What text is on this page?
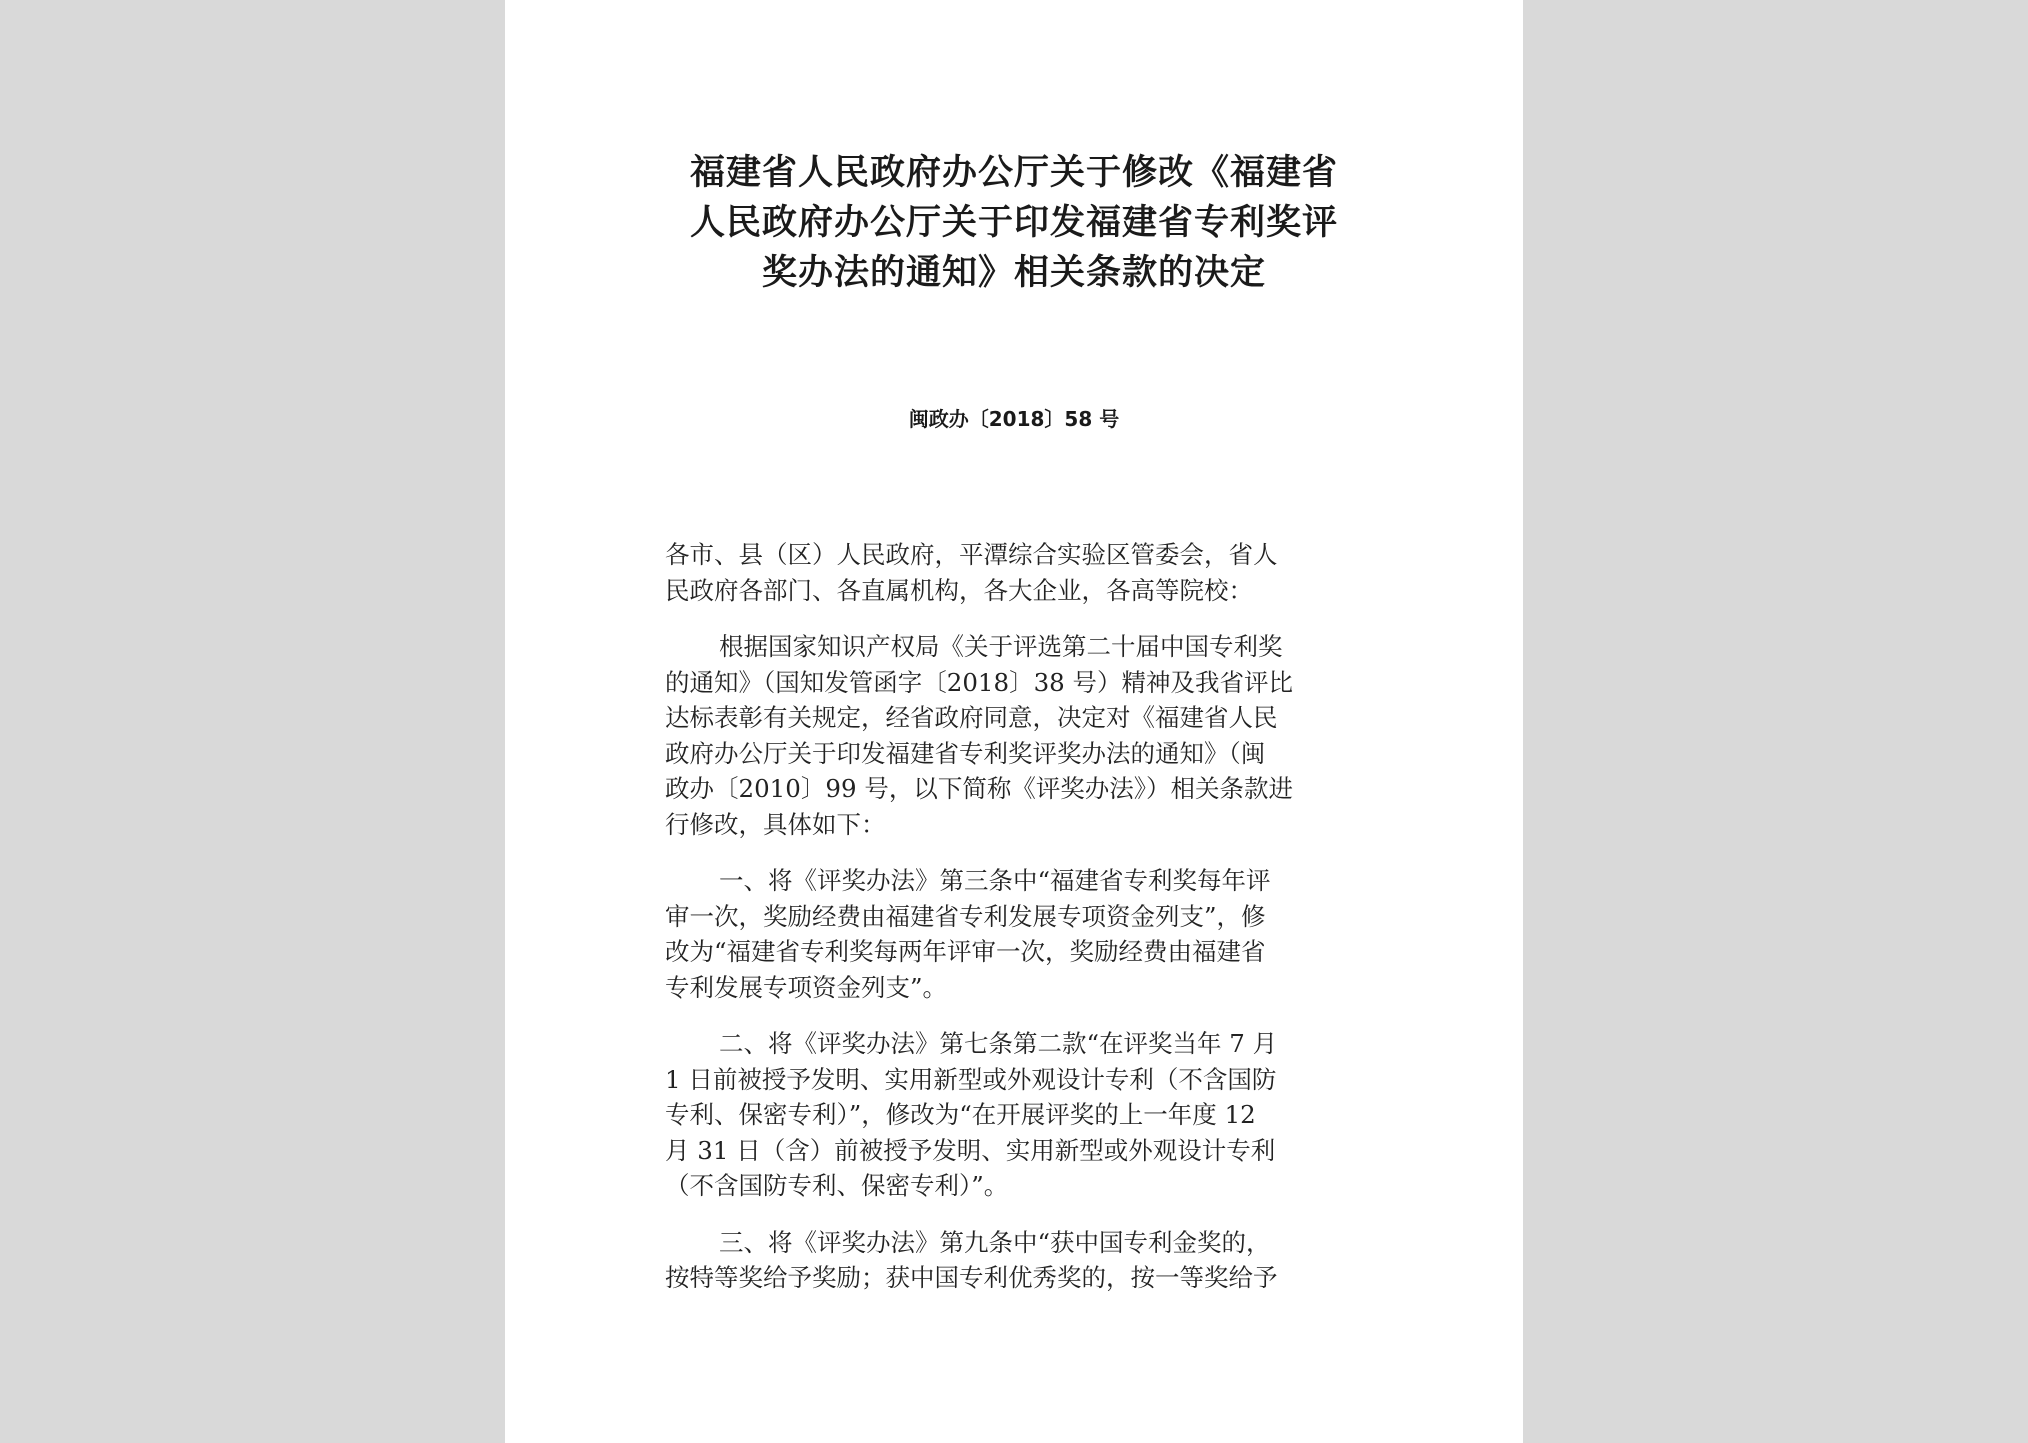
福建省人民政府办公厅关于修改《福建省
人民政府办公厅关于印发福建省专利奖评
奖办法的通知》相关条款的决定
闽政办〔2018〕58 号
各市、县（区）人民政府，平潭综合实验区管委会，省人
民政府各部门、各直属机构，各大企业，各高等院校：
根据国家知识产权局《关于评选第二十届中国专利奖
的通知》（国知发管函字〔2018〕38 号）精神及我省评比
达标表彰有关规定，经省政府同意，决定对《福建省人民
政府办公厅关于印发福建省专利奖评奖办法的通知》（闽
政办〔2010〕99 号，以下简称《评奖办法》）相关条款进
行修改，具体如下：
一、将《评奖办法》第三条中“福建省专利奖每年评
审一次，奖励经费由福建省专利发展专项资金列支”，修
改为“福建省专利奖每两年评审一次，奖励经费由福建省
专利发展专项资金列支”。
二、将《评奖办法》第七条第二款“在评奖当年 7 月
1 日前被授予发明、实用新型或外观设计专利（不含国防
专利、保密专利）”，修改为“在开展评奖的上一年度 12
月 31 日（含）前被授予发明、实用新型或外观设计专利
（不含国防专利、保密专利）”。
三、将《评奖办法》第九条中“获中国专利金奖的，
按特等奖给予奖励；获中国专利优秀奖的，按一等奖给予
